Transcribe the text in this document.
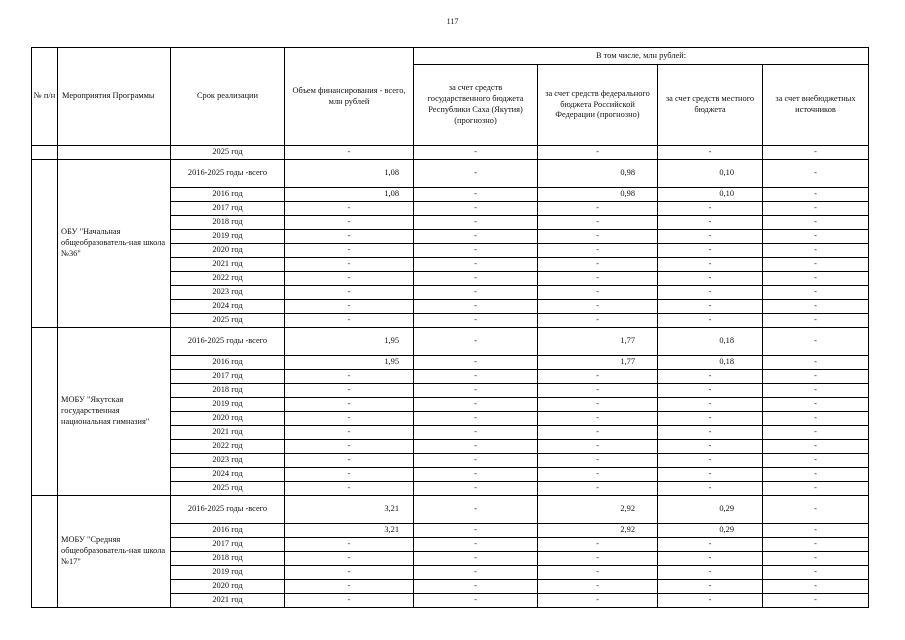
117
№ п/н	Мероприятия Программы	Срок реализации	Объем финансирования - всего, млн рублей	В том числе, млн рублей:			
				за счет средств государственного бюджета Республики Саха (Якутия) (прогнозно)	за счет средств федерального бюджета Российской Федерации (прогнозно)	за счет средств местного бюджета	за счет внебюджетных источников
		2025 год	-	-	-	-	-
	ОБУ "Начальная общеобразователь-ная школа №36"	2016-2025 годы -всего	1,08	-	0,98	0,10	-
		2016 год	1,08	-	0,98	0,10	-
		2017 год	-	-	-	-	-
		2018 год	-	-	-	-	-
		2019 год	-	-	-	-	-
		2020 год	-	-	-	-	-
		2021 год	-	-	-	-	-
		2022 год	-	-	-	-	-
		2023 год	-	-	-	-	-
		2024 год	-	-	-	-	-
		2025 год	-	-	-	-	-
	МОБУ "Якутская государственная национальная гимназия"	2016-2025 годы -всего	1,95	-	1,77	0,18	-
		2016 год	1,95	-	1,77	0,18	-
		2017 год	-	-	-	-	-
		2018 год	-	-	-	-	-
		2019 год	-	-	-	-	-
		2020 год	-	-	-	-	-
		2021 год	-	-	-	-	-
		2022 год	-	-	-	-	-
		2023 год	-	-	-	-	-
		2024 год	-	-	-	-	-
		2025 год	-	-	-	-	-
	МОБУ "Средняя общеобразователь-ная школа №17"	2016-2025 годы -всего	3,21	-	2,92	0,29	-
		2016 год	3,21	-	2,92	0,29	-
		2017 год	-	-	-	-	-
		2018 год	-	-	-	-	-
		2019 год	-	-	-	-	-
		2020 год	-	-	-	-	-
		2021 год	-	-	-	-	-
